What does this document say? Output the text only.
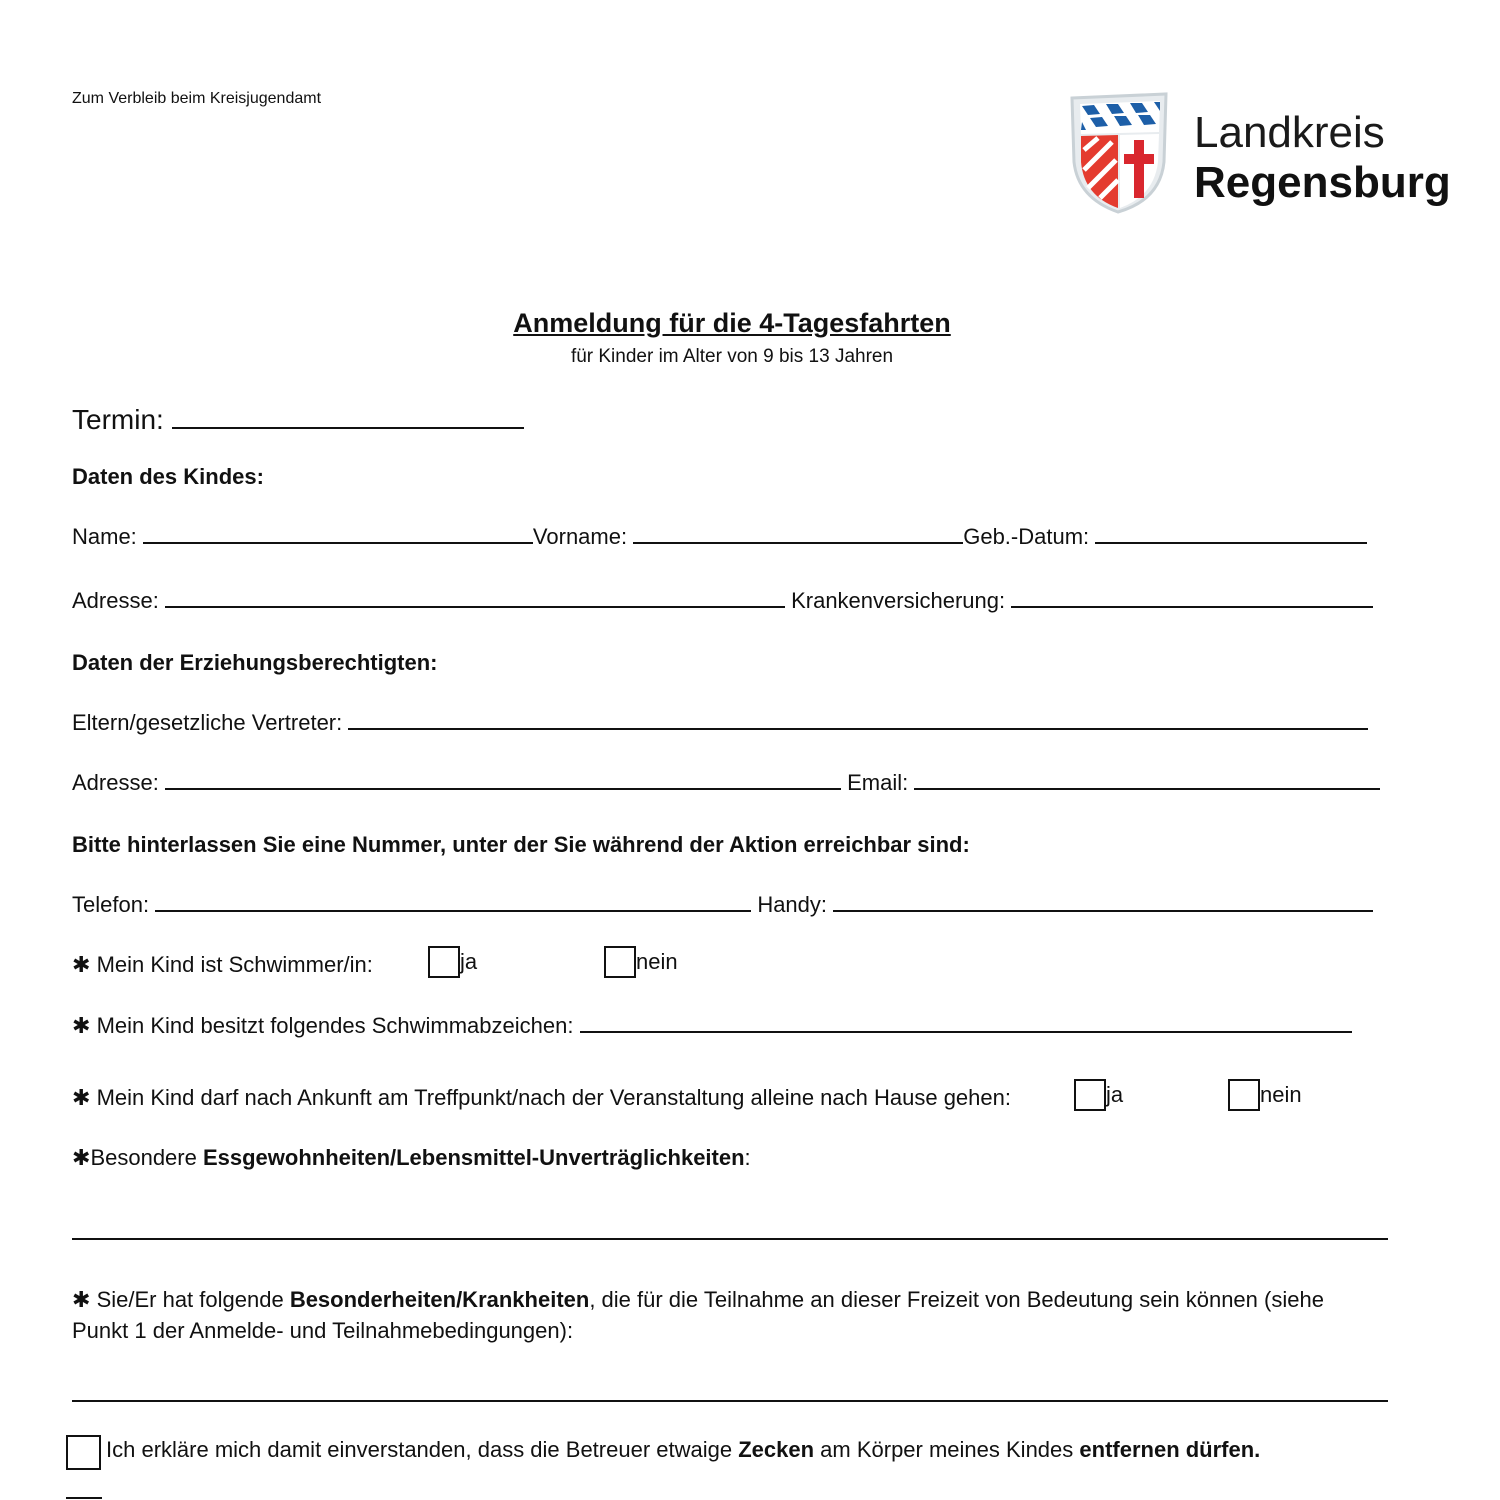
Zum Verbleib beim Kreisjugendamt
Landkreis
Regensburg
Anmeldung für die 4-Tagesfahrten
für Kinder im Alter von 9 bis 13 Jahren
Termin:
Daten des Kindes:
Name:	Vorname:	Geb.-Datum:
Adresse:	Krankenversicherung:
Daten der Erziehungsberechtigten:
Eltern/gesetzliche Vertreter:
Adresse:	Email:
Bitte hinterlassen Sie eine Nummer, unter der Sie während der Aktion erreichbar sind:
Telefon:	Handy:
✱ Mein Kind ist Schwimmer/in:	ja	nein
✱ Mein Kind besitzt folgendes Schwimmabzeichen:
✱ Mein Kind darf nach Ankunft am Treffpunkt/nach der Veranstaltung alleine nach Hause gehen:	ja	nein
✱Besondere Essgewohnheiten/Lebensmittel-Unverträglichkeiten:
✱ Sie/Er hat folgende Besonderheiten/Krankheiten, die für die Teilnahme an dieser Freizeit von Bedeutung sein können (siehe
Punkt 1 der Anmelde- und Teilnahmebedingungen):
Ich erkläre mich damit einverstanden, dass die Betreuer etwaige Zecken am Körper meines Kindes entfernen dürfen.
